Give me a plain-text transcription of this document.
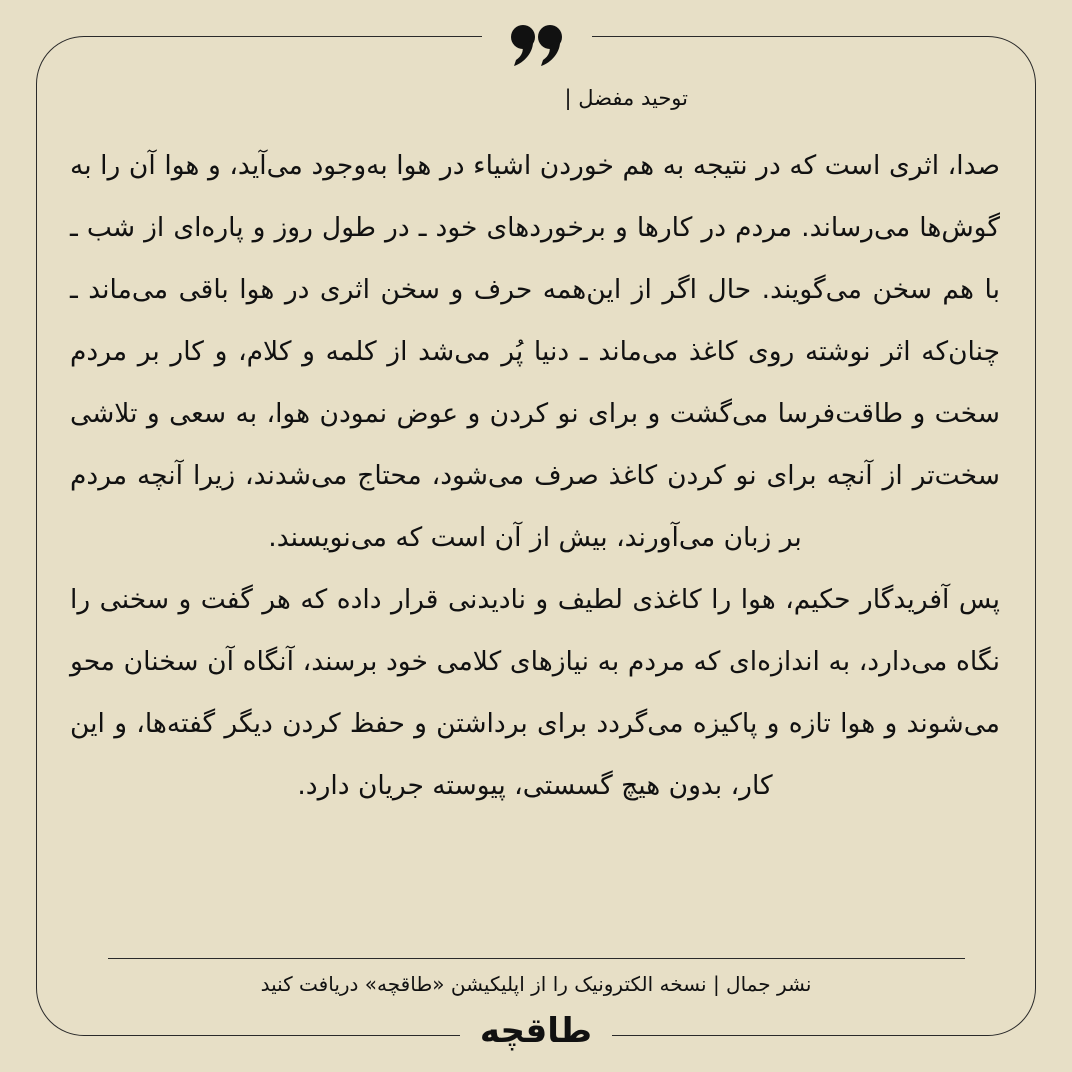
توحید مفضل |

صدا، اثری است که در نتیجه به هم خوردن اشیاء در هوا به‌وجود می‌آید، و هوا آن را به گوش‌ها می‌رساند. مردم در کارها و برخوردهای خود ـ در طول روز و پاره‌ای از شب ـ با هم سخن می‌گویند. حال اگر از این‌همه حرف و سخن اثری در هوا باقی می‌ماند ـ چنان‌که اثر نوشته روی کاغذ می‌ماند ـ دنیا پُر می‌شد از کلمه و کلام، و کار بر مردم سخت و طاقت‌فرسا می‌گشت و برای نو کردن و عوض نمودن هوا، به سعی و تلاشی سخت‌تر از آنچه برای نو کردن کاغذ صرف می‌شود، محتاج می‌شدند، زیرا آنچه مردم بر زبان می‌آورند، بیش از آن است که می‌نویسند.

پس آفریدگار حکیم، هوا را کاغذی لطیف و نادیدنی قرار داده که هر گفت و سخنی را نگاه می‌دارد، به اندازه‌ای که مردم به نیازهای کلامی خود برسند، آنگاه آن سخنان محو می‌شوند و هوا تازه و پاکیزه می‌گردد برای برداشتن و حفظ کردن دیگر گفته‌ها، و این کار، بدون هیچ گسستی، پیوسته جریان دارد.

نشر جمال | نسخه الکترونیک را از اپلیکیشن «طاقچه» دریافت کنید
طاقچه
